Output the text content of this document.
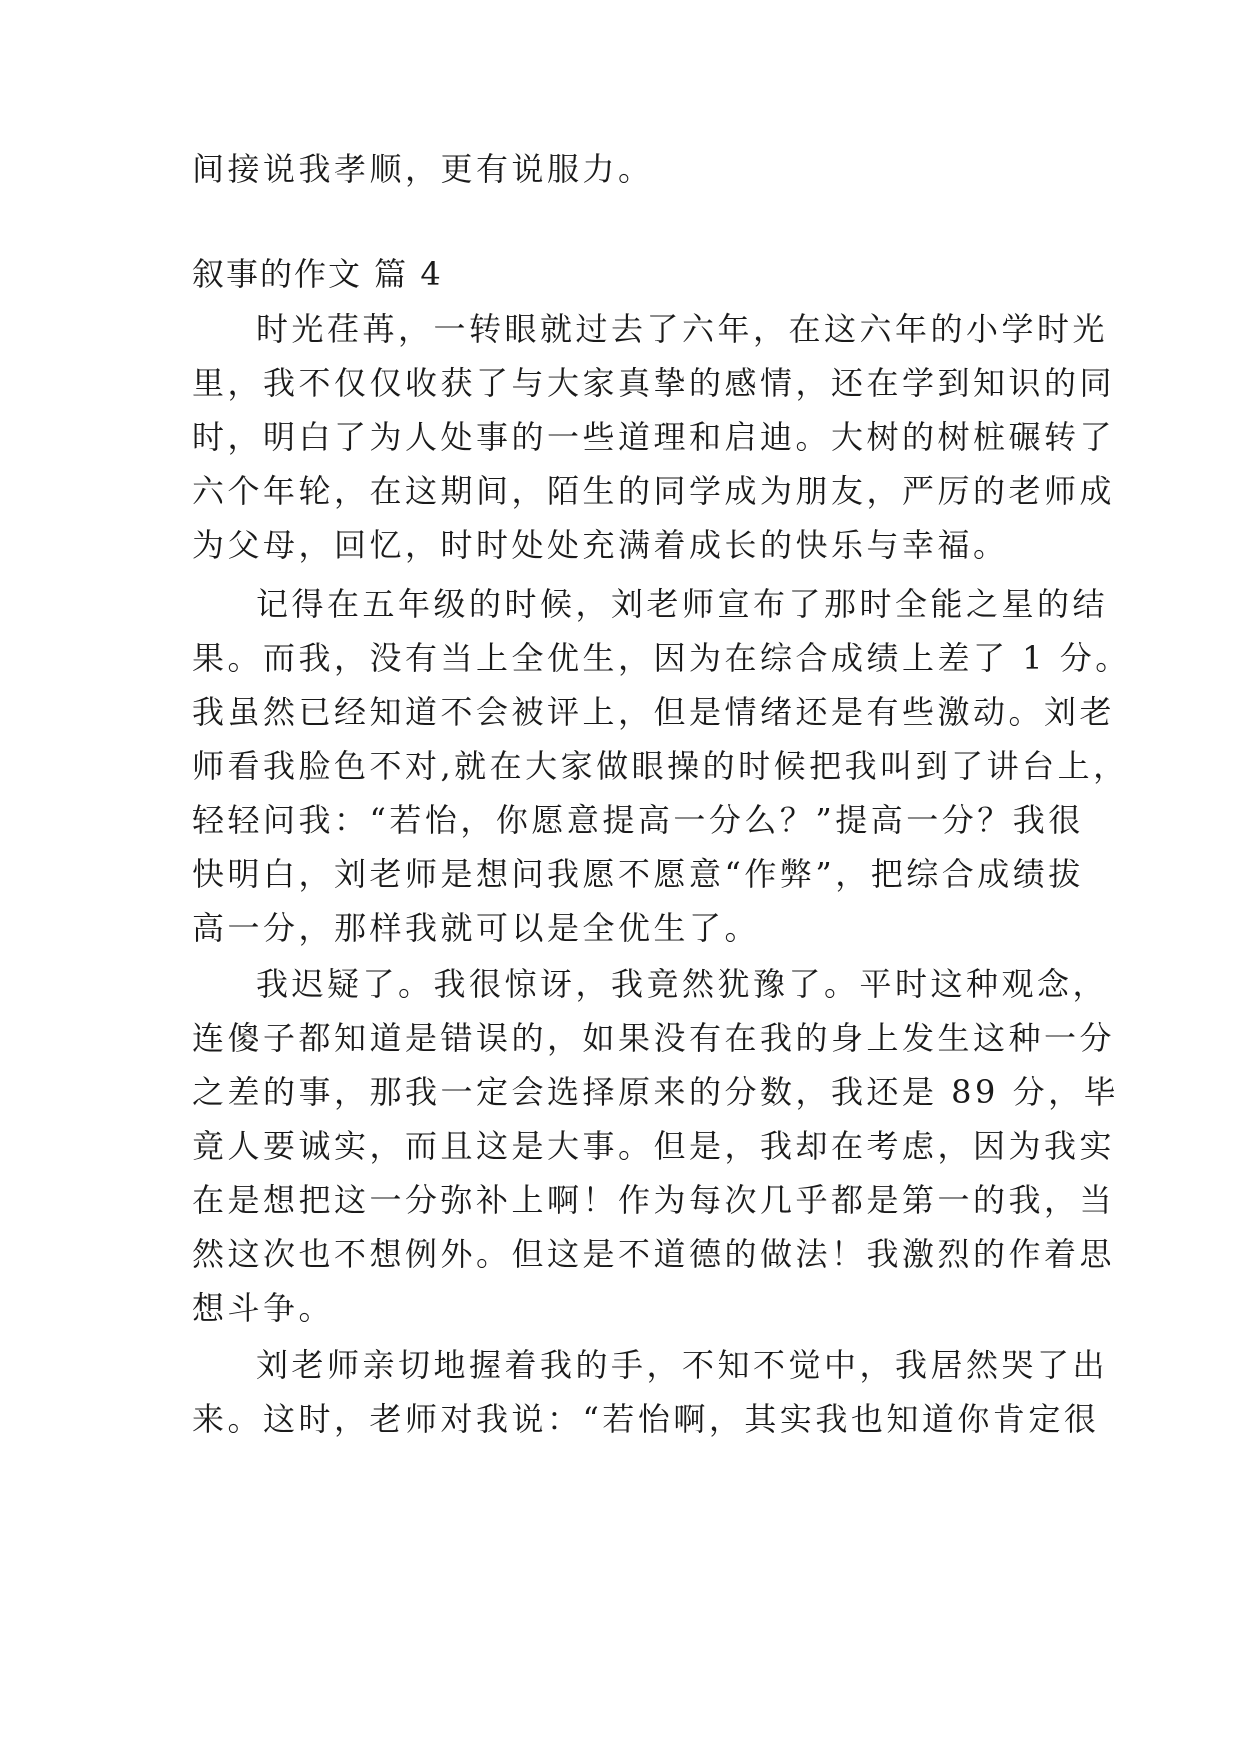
间接说我孝顺，更有说服力。
叙事的作文 篇 4
时光荏苒，一转眼就过去了六年，在这六年的小学时光
里，我不仅仅收获了与大家真挚的感情，还在学到知识的同
时，明白了为人处事的一些道理和启迪。大树的树桩碾转了
六个年轮，在这期间，陌生的同学成为朋友，严厉的老师成
为父母，回忆，时时处处充满着成长的快乐与幸福。
记得在五年级的时候，刘老师宣布了那时全能之星的结
果。而我，没有当上全优生，因为在综合成绩上差了 1 分。
我虽然已经知道不会被评上，但是情绪还是有些激动。刘老
师看我脸色不对,就在大家做眼操的时候把我叫到了讲台上，
轻轻问我：“若怡，你愿意提高一分么？”提高一分？我很
快明白，刘老师是想问我愿不愿意“作弊”，把综合成绩拔
高一分，那样我就可以是全优生了。
我迟疑了。我很惊讶，我竟然犹豫了。平时这种观念，
连傻子都知道是错误的，如果没有在我的身上发生这种一分
之差的事，那我一定会选择原来的分数，我还是 89 分，毕
竟人要诚实，而且这是大事。但是，我却在考虑，因为我实
在是想把这一分弥补上啊！作为每次几乎都是第一的我，当
然这次也不想例外。但这是不道德的做法！我激烈的作着思
想斗争。
刘老师亲切地握着我的手，不知不觉中，我居然哭了出
来。这时，老师对我说：“若怡啊，其实我也知道你肯定很
